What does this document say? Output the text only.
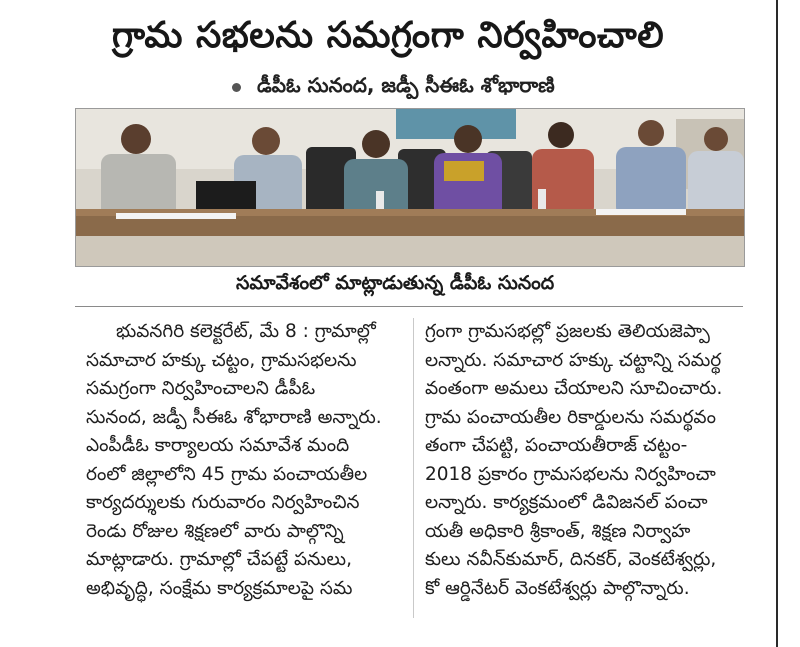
గ్రామ సభలను సమగ్రంగా నిర్వహించాలి
డీపీఓ సునంద, జడ్పీ సీఈఓ శోభారాణి
సమావేశంలో మాట్లాడుతున్న డీపీఓ సునంద
భువనగిరి కలెక్టరేట్, మే 8 : గ్రామాల్లో
సమాచార హక్కు చట్టం, గ్రామసభలను
సమగ్రంగా నిర్వహించాలని డీపీఓ
సునంద, జడ్పీ సీఈఓ శోభారాణి అన్నారు.
ఎంపీడీఓ కార్యాలయ సమావేశ మంది
రంలో జిల్లాలోని 45 గ్రామ పంచాయతీల
కార్యదర్శులకు గురువారం నిర్వహించిన
రెండు రోజుల శిక్షణలో వారు పాల్గొన్ని
మాట్లాడారు. గ్రామాల్లో చేపట్టే పనులు,
అభివృద్ధి, సంక్షేమ కార్యక్రమాలపై సమ
గ్రంగా గ్రామసభల్లో ప్రజలకు తెలియజెప్పా
లన్నారు. సమాచార హక్కు చట్టాన్ని సమర్థ
వంతంగా అమలు చేయాలని సూచించారు.
గ్రామ పంచాయతీల రికార్డులను సమర్థవం
తంగా చేపట్టి, పంచాయతీరాజ్ చట్టం-
2018 ప్రకారం గ్రామసభలను నిర్వహించా
లన్నారు. కార్యక్రమంలో డివిజనల్ పంచా
యతీ అధికారి శ్రీకాంత్, శిక్షణ నిర్వాహ
కులు నవీన్‌కుమార్, దినకర్, వెంకటేశ్వర్లు,
కో ఆర్డినేటర్ వెంకటేశ్వర్లు పాల్గొన్నారు.
